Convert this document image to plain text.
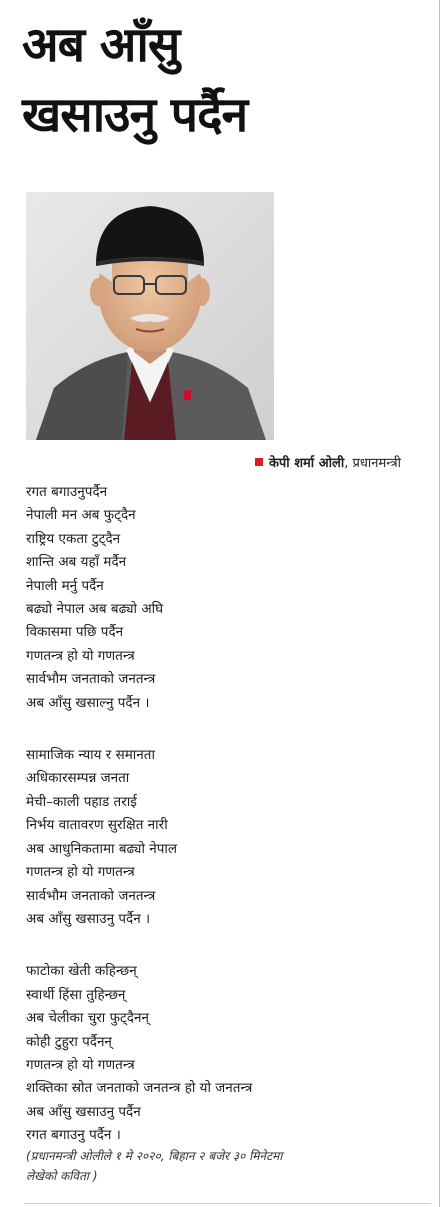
अब आँसु
खसाउनु पर्दैन
केपी शर्मा ओली, प्रधानमन्त्री
रगत बगाउनुपर्दैन
नेपाली मन अब फुट्दैन
राष्ट्रिय एकता टुट्दैन
शान्ति अब यहाँ मर्दैन
नेपाली मर्नु पर्दैन
बढ्यो नेपाल अब बढ्यो अघि
विकासमा पछि पर्दैन
गणतन्त्र हो यो गणतन्त्र
सार्वभौम जनताको जनतन्त्र
अब आँसु खसाल्नु पर्दैन ।
सामाजिक न्याय र समानता
अधिकारसम्पन्न जनता
मेची–काली पहाड तराई
निर्भय वातावरण सुरक्षित नारी
अब आधुनिकतामा बढ्यो नेपाल
गणतन्त्र हो यो गणतन्त्र
सार्वभौम जनताको जनतन्त्र
अब आँसु खसाउनु पर्दैन ।
फाटोका खेती कहिन्छन्
स्वार्थी हिंसा तुहिन्छन्
अब चेलीका चुरा फुट्दैनन्
कोही टुहुरा पर्दैनन्
गणतन्त्र हो यो गणतन्त्र
शक्तिका स्रोत जनताको जनतन्त्र हो यो जनतन्त्र
अब आँसु खसाउनु पर्दैन
रगत बगाउनु पर्दैन ।
(प्रधानमन्त्री ओलीले १ मे २०२०, बिहान २ बजेर ३० मिनेटमा
लेखेको कविता )
